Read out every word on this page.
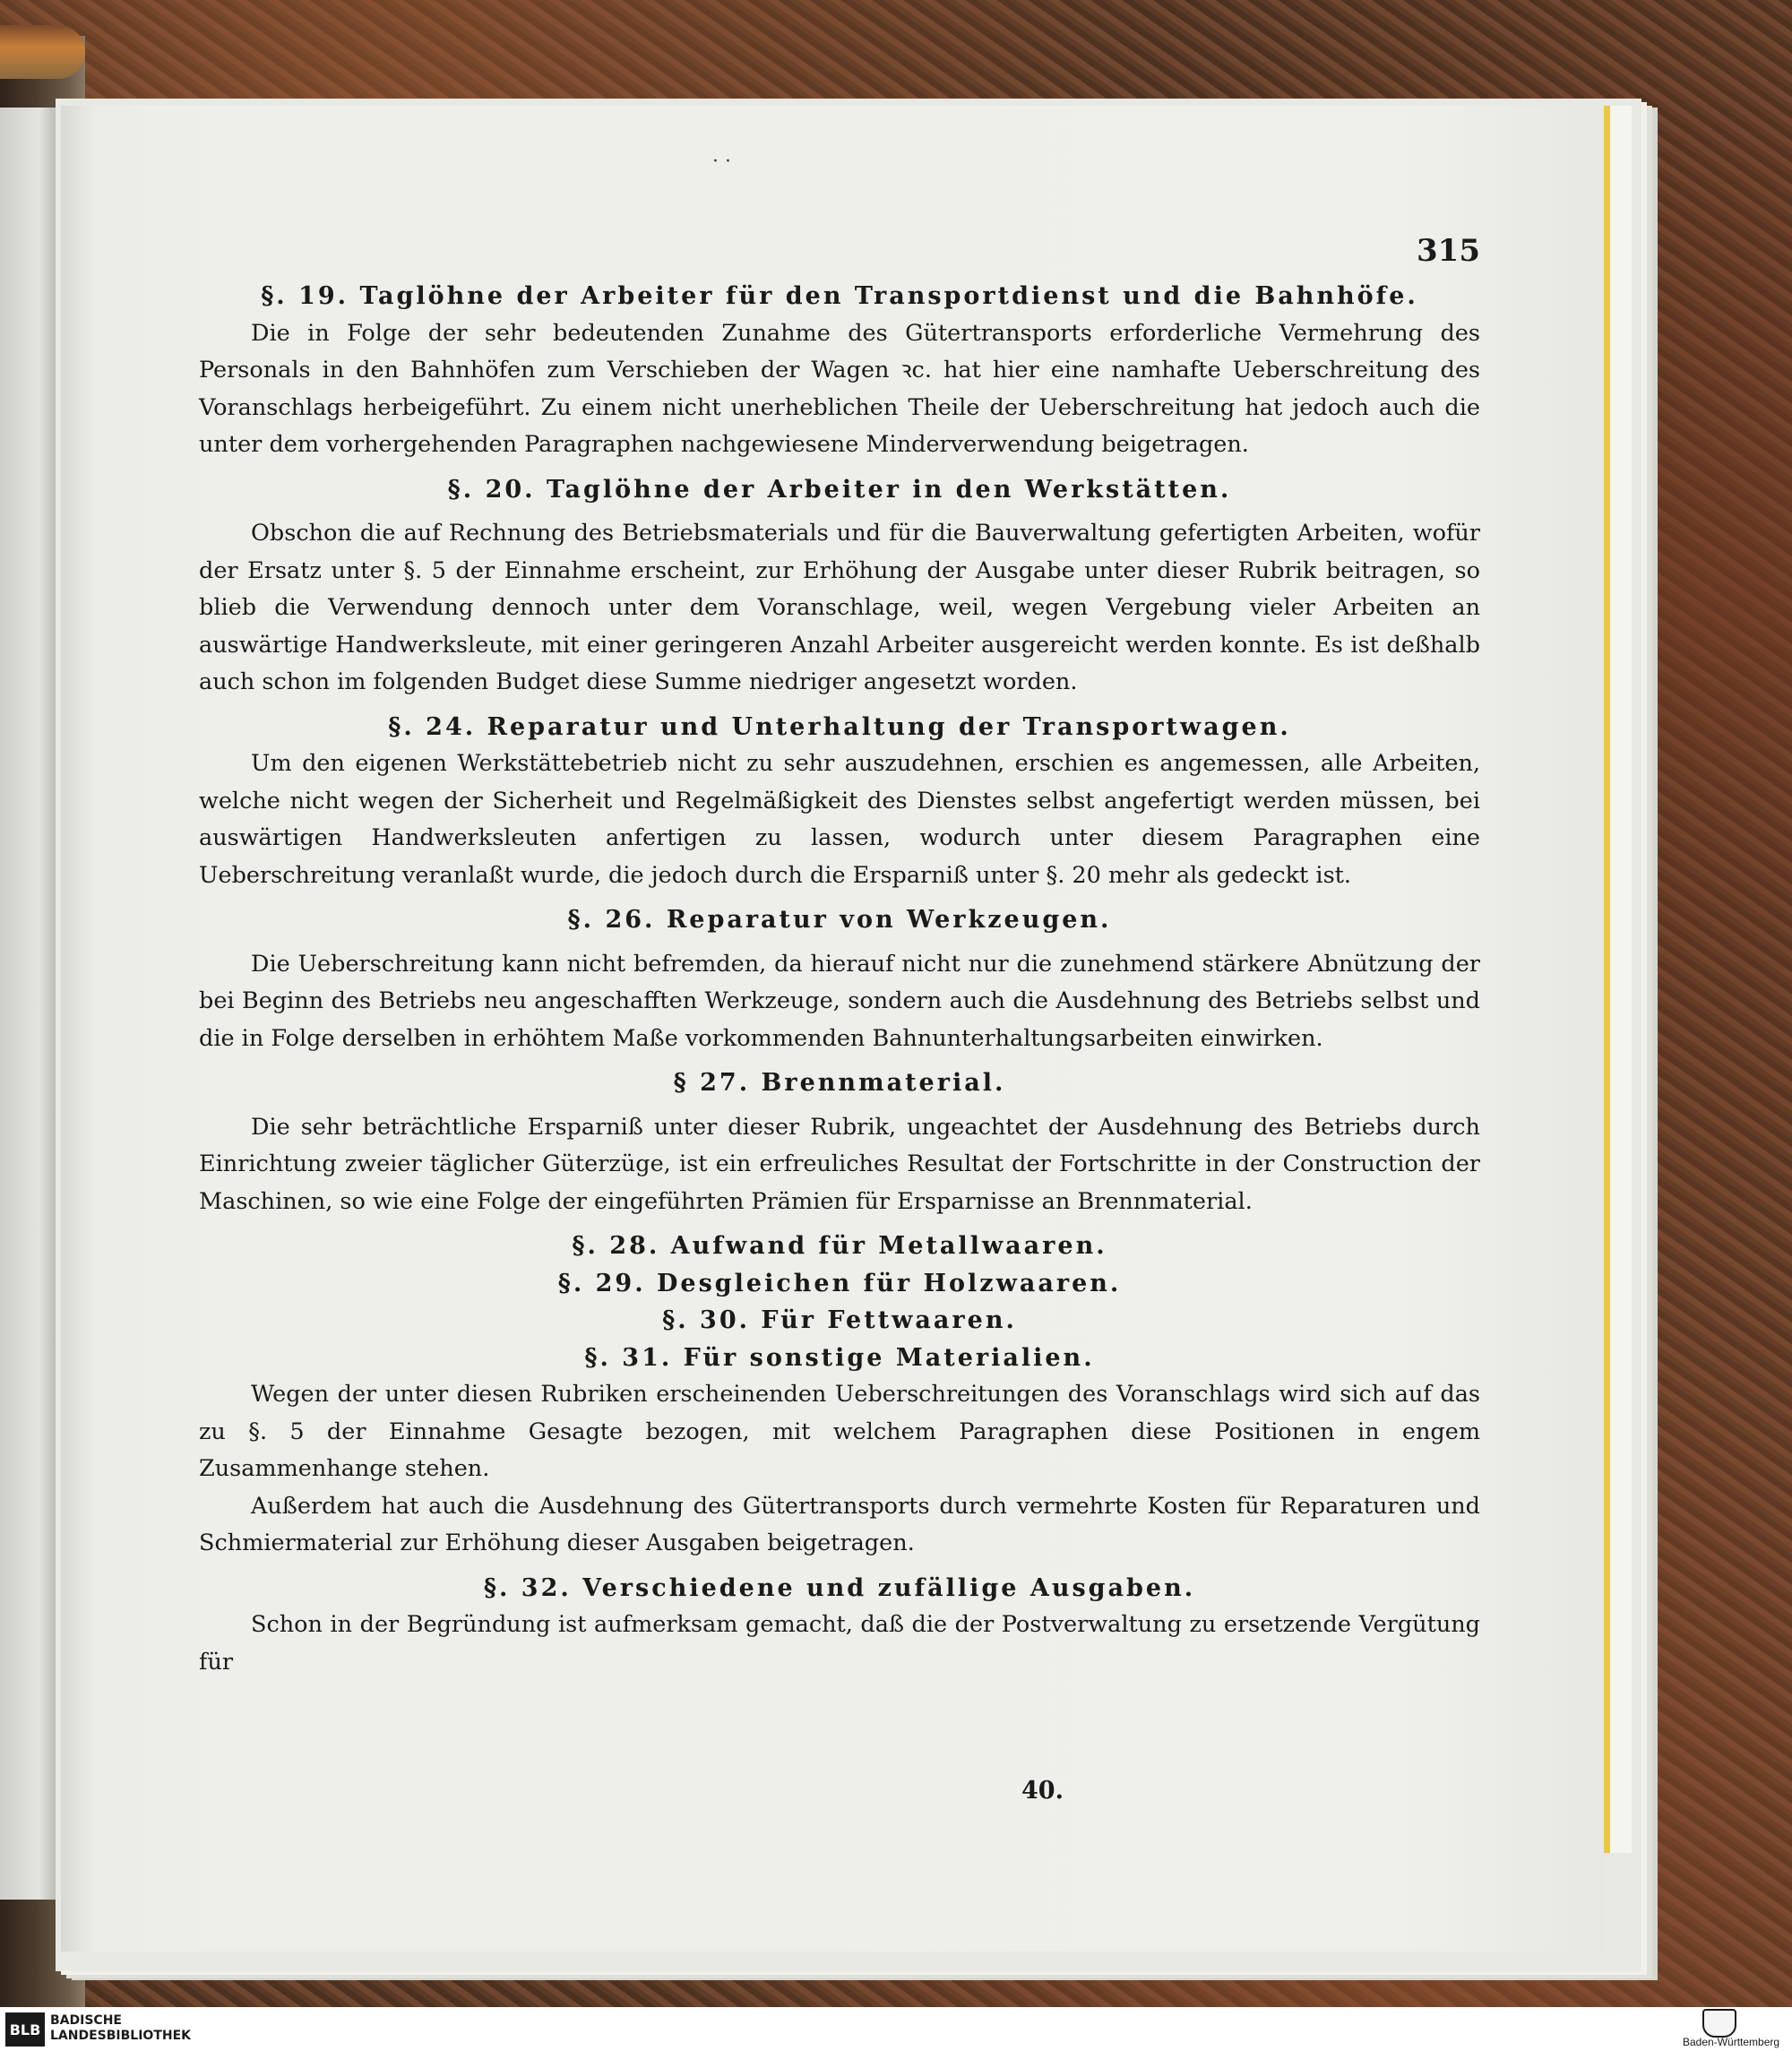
· ·
315

§. 19. Taglöhne der Arbeiter für den Transportdienst und die Bahnhöfe.

Die in Folge der sehr bedeutenden Zunahme des Gütertransports erforderliche Vermehrung des Personals in den Bahnhöfen zum Verschieben der Wagen ꝛc. hat hier eine namhafte Ueberschreitung des Voranschlags herbeigeführt. Zu einem nicht unerheblichen Theile der Ueberschreitung hat jedoch auch die unter dem vorhergehenden Paragraphen nachgewiesene Minderverwendung beigetragen.

§. 20. Taglöhne der Arbeiter in den Werkstätten.

Obschon die auf Rechnung des Betriebsmaterials und für die Bauverwaltung gefertigten Arbeiten, wofür der Ersatz unter §. 5 der Einnahme erscheint, zur Erhöhung der Ausgabe unter dieser Rubrik beitragen, so blieb die Verwendung dennoch unter dem Voranschlage, weil, wegen Vergebung vieler Arbeiten an auswärtige Handwerksleute, mit einer geringeren Anzahl Arbeiter ausgereicht werden konnte. Es ist deßhalb auch schon im folgenden Budget diese Summe niedriger angesetzt worden.

§. 24. Reparatur und Unterhaltung der Transportwagen.

Um den eigenen Werkstättebetrieb nicht zu sehr auszudehnen, erschien es angemessen, alle Arbeiten, welche nicht wegen der Sicherheit und Regelmäßigkeit des Dienstes selbst angefertigt werden müssen, bei auswärtigen Handwerksleuten anfertigen zu lassen, wodurch unter diesem Paragraphen eine Ueberschreitung veranlaßt wurde, die jedoch durch die Ersparniß unter §. 20 mehr als gedeckt ist.

§. 26. Reparatur von Werkzeugen.

Die Ueberschreitung kann nicht befremden, da hierauf nicht nur die zunehmend stärkere Abnützung der bei Beginn des Betriebs neu angeschafften Werkzeuge, sondern auch die Ausdehnung des Betriebs selbst und die in Folge derselben in erhöhtem Maße vorkommenden Bahnunterhaltungsarbeiten einwirken.

§ 27. Brennmaterial.

Die sehr beträchtliche Ersparniß unter dieser Rubrik, ungeachtet der Ausdehnung des Betriebs durch Einrichtung zweier täglicher Güterzüge, ist ein erfreuliches Resultat der Fortschritte in der Construction der Maschinen, so wie eine Folge der eingeführten Prämien für Ersparnisse an Brennmaterial.

§. 28. Aufwand für Metallwaaren.

§. 29. Desgleichen für Holzwaaren.

§. 30. Für Fettwaaren.

§. 31. Für sonstige Materialien.

Wegen der unter diesen Rubriken erscheinenden Ueberschreitungen des Voranschlags wird sich auf das zu §. 5 der Einnahme Gesagte bezogen, mit welchem Paragraphen diese Positionen in engem Zusammenhange stehen.

Außerdem hat auch die Ausdehnung des Gütertransports durch vermehrte Kosten für Reparaturen und Schmiermaterial zur Erhöhung dieser Ausgaben beigetragen.

§. 32. Verschiedene und zufällige Ausgaben.

Schon in der Begründung ist aufmerksam gemacht, daß die der Postverwaltung zu ersetzende Vergütung für

40.
BLB
BADISCHE
LANDESBIBLIOTHEK	Baden-Württemberg
